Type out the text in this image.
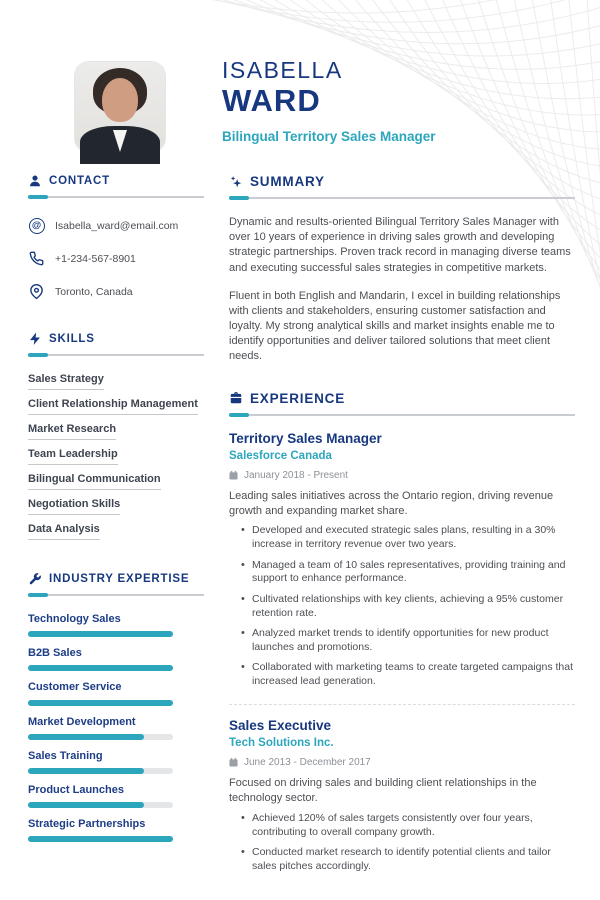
ISABELLA
WARD
Bilingual Territory Sales Manager
CONTACT
@	Isabella_ward@email.com
+1-234-567-8901
Toronto, Canada
SKILLS
Sales Strategy
Client Relationship Management
Market Research
Team Leadership
Bilingual Communication
Negotiation Skills
Data Analysis
INDUSTRY EXPERTISE
Technology Sales
B2B Sales
Customer Service
Market Development
Sales Training
Product Launches
Strategic Partnerships
SUMMARY

Dynamic and results-oriented Bilingual Territory Sales Manager with over 10 years of experience in driving sales growth and developing strategic partnerships. Proven track record in managing diverse teams and executing successful sales strategies in competitive markets.

Fluent in both English and Mandarin, I excel in building relationships with clients and stakeholders, ensuring customer satisfaction and loyalty. My strong analytical skills and market insights enable me to identify opportunities and deliver tailored solutions that meet client needs.

EXPERIENCE
Territory Sales Manager
Salesforce Canada
January 2018 - Present
Leading sales initiatives across the Ontario region, driving revenue growth and expanding market share.
• Developed and executed strategic sales plans, resulting in a 30% increase in territory revenue over two years.
• Managed a team of 10 sales representatives, providing training and support to enhance performance.
• Cultivated relationships with key clients, achieving a 95% customer retention rate.
• Analyzed market trends to identify opportunities for new product launches and promotions.
• Collaborated with marketing teams to create targeted campaigns that increased lead generation.
Sales Executive
Tech Solutions Inc.
June 2013 - December 2017
Focused on driving sales and building client relationships in the technology sector.
• Achieved 120% of sales targets consistently over four years, contributing to overall company growth.
• Conducted market research to identify potential clients and tailor sales pitches accordingly.
